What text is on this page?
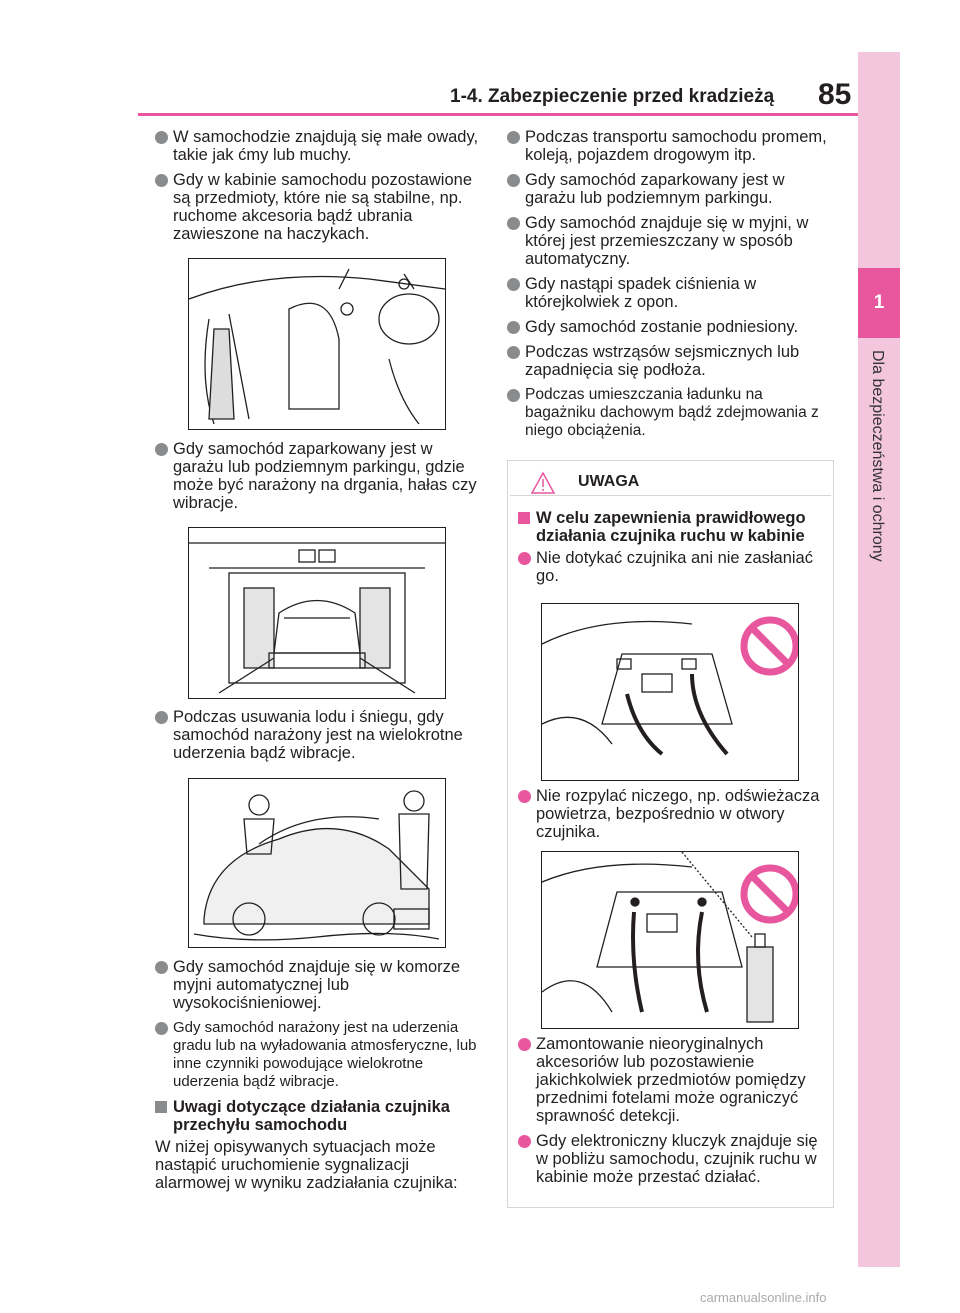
1-4. Zabezpieczenie przed kradzieżą 85
1
Dla bezpieczeństwa i ochrony
W samochodzie znajdują się małe owady, takie jak ćmy lub muchy.
Gdy w kabinie samochodu pozostawione są przedmioty, które nie są stabilne, np. ruchome akcesoria bądź ubrania zawieszone na haczykach.
Gdy samochód zaparkowany jest w garażu lub podziemnym parkingu, gdzie może być narażony na drgania, hałas czy wibracje.
Podczas usuwania lodu i śniegu, gdy samochód narażony jest na wielokrotne uderzenia bądź wibracje.
Gdy samochód znajduje się w komorze myjni automatycznej lub wysokociśnieniowej.
Gdy samochód narażony jest na uderzenia gradu lub na wyładowania atmosferyczne, lub inne czynniki powodujące wielokrotne uderzenia bądź wibracje.
Uwagi dotyczące działania czujnika przechyłu samochodu
W niżej opisywanych sytuacjach może nastąpić uruchomienie sygnalizacji alarmowej w wyniku zadziałania czujnika:
Podczas transportu samochodu promem, koleją, pojazdem drogowym itp.
Gdy samochód zaparkowany jest w garażu lub podziemnym parkingu.
Gdy samochód znajduje się w myjni, w której jest przemieszczany w sposób automatyczny.
Gdy nastąpi spadek ciśnienia w którejkolwiek z opon.
Gdy samochód zostanie podniesiony.
Podczas wstrząsów sejsmicznych lub zapadnięcia się podłoża.
Podczas umieszczania ładunku na bagażniku dachowym bądź zdejmowania z niego obciążenia.
UWAGA
W celu zapewnienia prawidłowego działania czujnika ruchu w kabinie
Nie dotykać czujnika ani nie zasłaniać go.
Nie rozpylać niczego, np. odświeżacza powietrza, bezpośrednio w otwory czujnika.
Zamontowanie nieoryginalnych akcesoriów lub pozostawienie jakichkolwiek przedmiotów pomiędzy przednimi fotelami może ograniczyć sprawność detekcji.
Gdy elektroniczny kluczyk znajduje się w pobliżu samochodu, czujnik ruchu w kabinie może przestać działać.
carmanualsonline.info
